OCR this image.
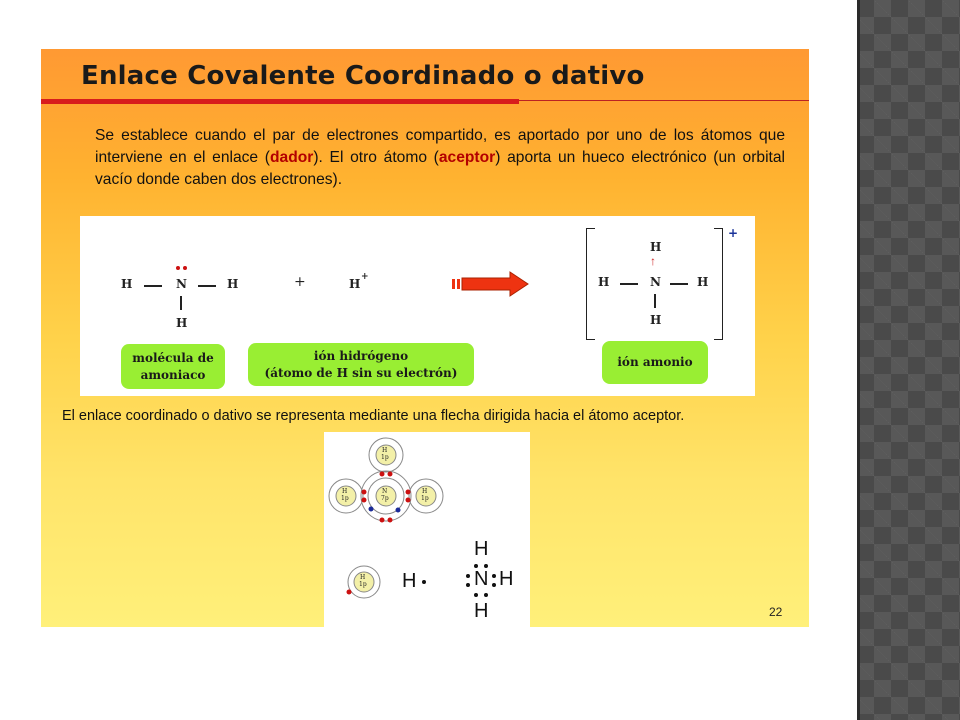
Enlace Covalente Coordinado o dativo

Se establece cuando el par de electrones compartido, es aportado por uno de los átomos que interviene en el enlace (dador). El otro átomo (aceptor) aporta un hueco electrónico (un orbital vacío donde caben dos electrones).

H	N	H
H
+	H +
+
H
↑
H	N	H
H
molécula de
amoniaco
ión hidrógeno
(átomo de H sin su electrón)
ión amonio

El enlace coordinado o dativo se representa mediante una flecha dirigida hacia el átomo aceptor.

H
1p
H
1p
H
1p
N
7p
H
1p H
H
N H
H	22
